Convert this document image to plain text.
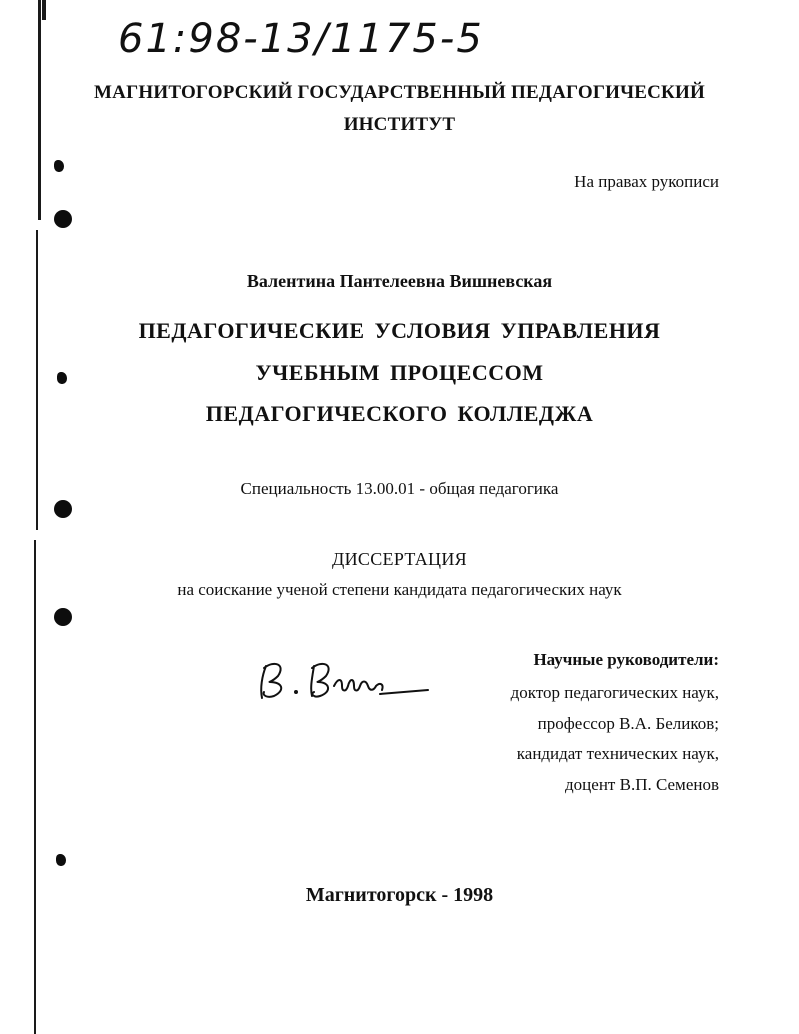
61:98-13/1175-5
МАГНИТОГОРСКИЙ ГОСУДАРСТВЕННЫЙ ПЕДАГОГИЧЕСКИЙ
ИНСТИТУТ
На правах рукописи
Валентина Пантелеевна Вишневская
ПЕДАГОГИЧЕСКИЕ УСЛОВИЯ УПРАВЛЕНИЯ
УЧЕБНЫМ ПРОЦЕССОМ
ПЕДАГОГИЧЕСКОГО КОЛЛЕДЖА
Специальность 13.00.01 - общая педагогика
ДИССЕРТАЦИЯ
на соискание ученой степени кандидата педагогических наук
Научные руководители:
доктор педагогических наук,
профессор В.А. Беликов;
кандидат технических наук,
доцент В.П. Семенов
Магнитогорск - 1998
